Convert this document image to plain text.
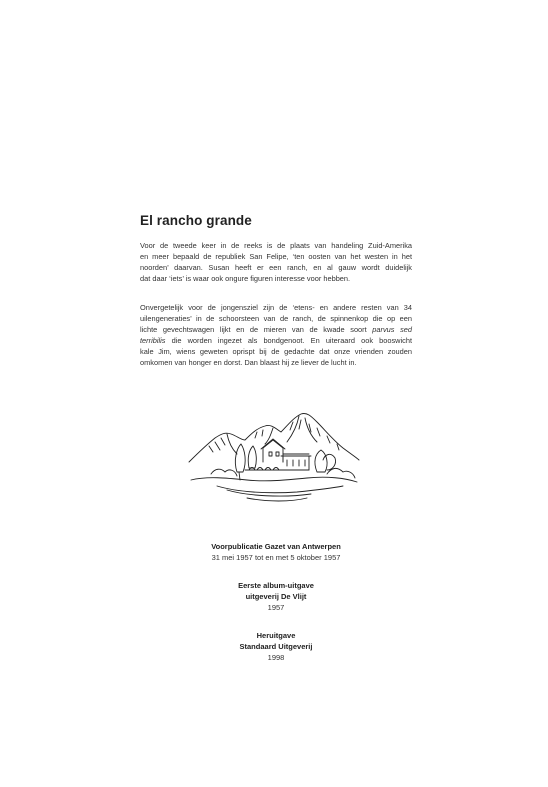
El rancho grande
Voor de tweede keer in de reeks is de plaats van handeling Zuid-Amerika
en meer bepaald de republiek San Felipe, ‘ten oosten van het westen in het
noorden’ daarvan. Susan heeft er een ranch, en al gauw wordt duidelijk
dat daar ‘iets’ is waar ook ongure figuren interesse voor hebben.
Onvergetelijk voor de jongensziel zijn de ‘etens- en andere resten van 34
uilengeneraties’ in de schoorsteen van de ranch, de spinnenkop die op een
lichte gevechtswagen lijkt en de mieren van de kwade soort parvus sed
terribilis die worden ingezet als bondgenoot. En uiteraard ook booswicht
kale Jim, wiens geweten oprispt bij de gedachte dat onze vrienden zouden
omkomen van honger en dorst. Dan blaast hij ze liever de lucht in.
Voorpublicatie Gazet van Antwerpen
31 mei 1957 tot en met 5 oktober 1957
Eerste album-uitgave
uitgeverij De Vlijt
1957
Heruitgave
Standaard Uitgeverij
1998
